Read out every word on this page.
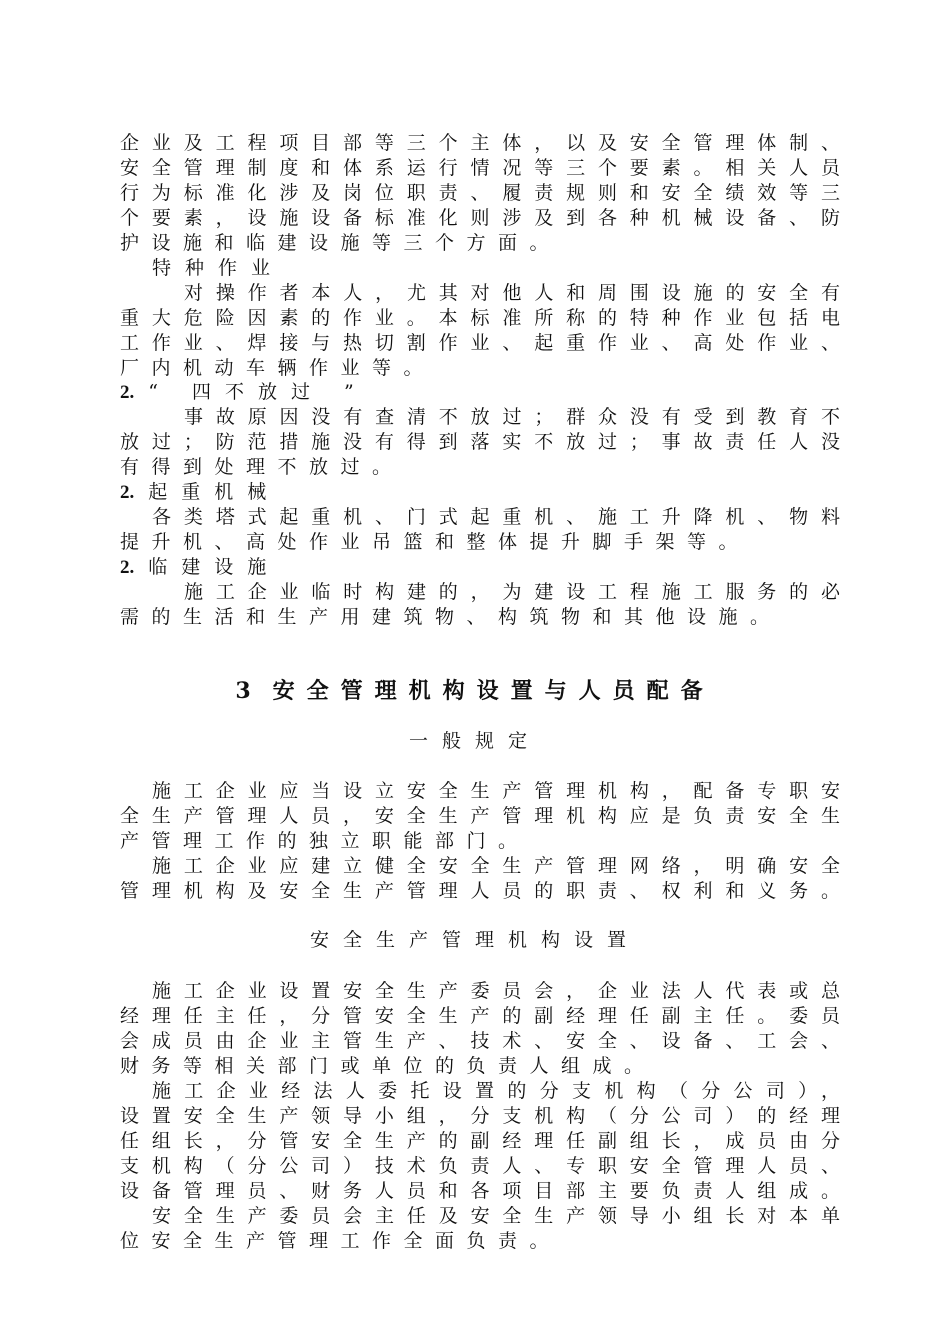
企业及工程项目部等三个主体，以及安全管理体制、
安全管理制度和体系运行情况等三个要素。相关人员
行为标准化涉及岗位职责、履责规则和安全绩效等三
个要素，设施设备标准化则涉及到各种机械设备、防
护设施和临建设施等三个方面。
特种作业
对操作者本人，尤其对他人和周围设施的安全有
重大危险因素的作业。本标准所称的特种作业包括电
工作业、焊接与热切割作业、起重作业、高处作业、
厂内机动车辆作业等。
2. “ 四不放过 ”
事故原因没有查清不放过；群众没有受到教育不
放过；防范措施没有得到落实不放过；事故责任人没
有得到处理不放过。
2. 起重机械
各类塔式起重机、门式起重机、施工升降机、物料
提升机、高处作业吊篮和整体提升脚手架等。
2. 临建设施
施工企业临时构建的，为建设工程施工服务的必
需的生活和生产用建筑物、构筑物和其他设施。
3 安全管理机构设置与人员配备
一般规定
施工企业应当设立安全生产管理机构，配备专职安
全生产管理人员，安全生产管理机构应是负责安全生
产管理工作的独立职能部门。
施工企业应建立健全安全生产管理网络，明确安全
管理机构及安全生产管理人员的职责、权利和义务。
安全生产管理机构设置
施工企业设置安全生产委员会，企业法人代表或总
经理任主任，分管安全生产的副经理任副主任。委员
会成员由企业主管生产、技术、安全、设备、工会、
财务等相关部门或单位的负责人组成。
施工企业经法人委托设置的分支机构（分公司），
设置安全生产领导小组，分支机构（分公司）的经理
任组长，分管安全生产的副经理任副组长，成员由分
支机构（分公司）技术负责人、专职安全管理人员、
设备管理员、财务人员和各项目部主要负责人组成。
安全生产委员会主任及安全生产领导小组长对本单
位安全生产管理工作全面负责。
